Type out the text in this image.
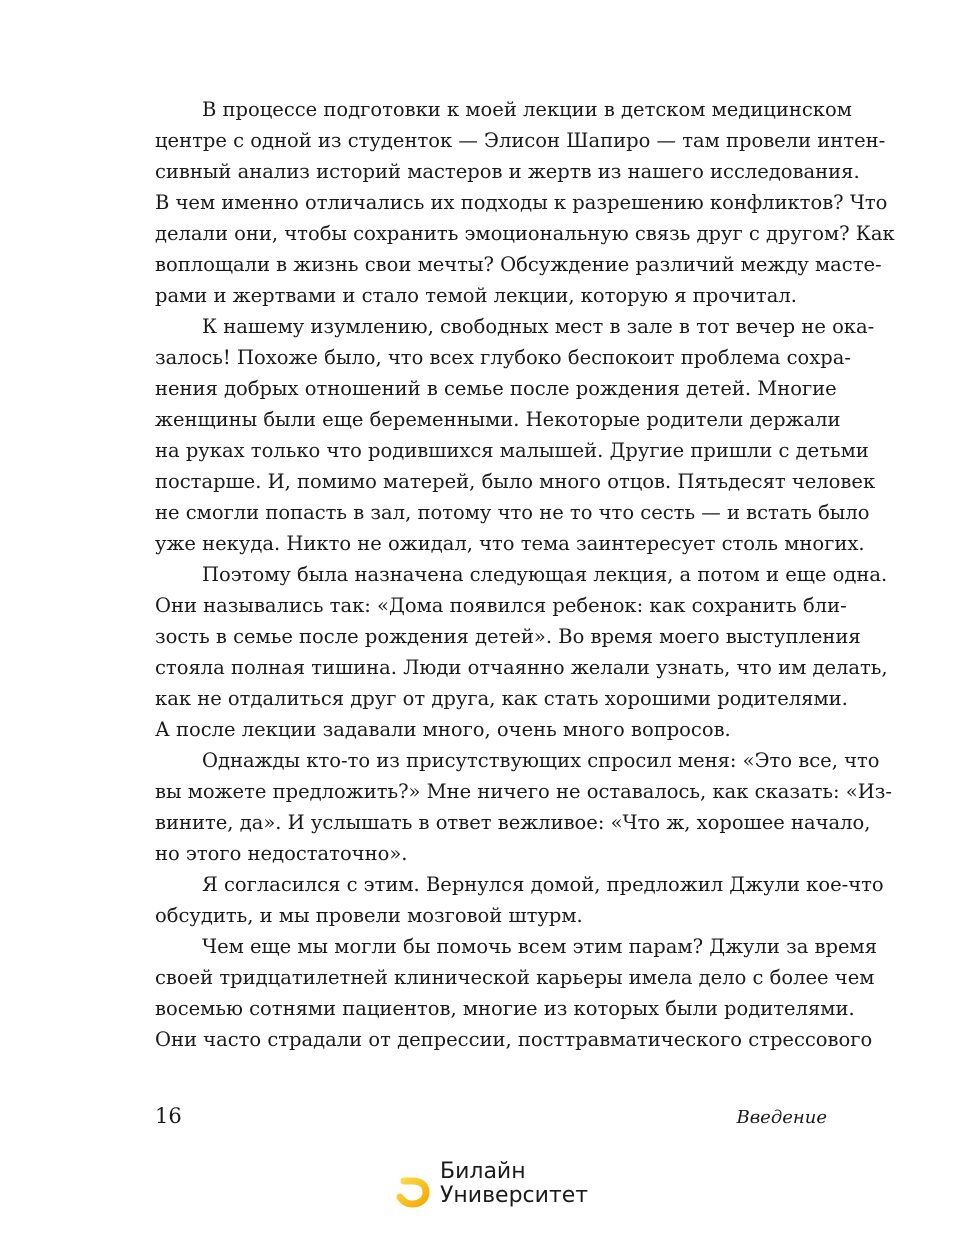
В процессе подготовки к моей лекции в детском медицинском
центре с одной из студенток — Элисон Шапиро — там провели интен-
сивный анализ историй мастеров и жертв из нашего исследования.
В чем именно отличались их подходы к разрешению конфликтов? Что
делали они, чтобы сохранить эмоциональную связь друг с другом? Как
воплощали в жизнь свои мечты? Обсуждение различий между масте-
рами и жертвами и стало темой лекции, которую я прочитал.
К нашему изумлению, свободных мест в зале в тот вечер не ока-
залось! Похоже было, что всех глубоко беспокоит проблема сохра-
нения добрых отношений в семье после рождения детей. Многие
женщины были еще беременными. Некоторые родители держали
на руках только что родившихся малышей. Другие пришли с детьми
постарше. И, помимо матерей, было много отцов. Пятьдесят человек
не смогли попасть в зал, потому что не то что сесть — и встать было
уже некуда. Никто не ожидал, что тема заинтересует столь многих.
Поэтому была назначена следующая лекция, а потом и еще одна.
Они назывались так: «Дома появился ребенок: как сохранить бли-
зость в семье после рождения детей». Во время моего выступления
стояла полная тишина. Люди отчаянно желали узнать, что им делать,
как не отдалиться друг от друга, как стать хорошими родителями.
А после лекции задавали много, очень много вопросов.
Однажды кто-то из присутствующих спросил меня: «Это все, что
вы можете предложить?» Мне ничего не оставалось, как сказать: «Из-
вините, да». И услышать в ответ вежливое: «Что ж, хорошее начало,
но этого недостаточно».
Я согласился с этим. Вернулся домой, предложил Джули кое-что
обсудить, и мы провели мозговой штурм.
Чем еще мы могли бы помочь всем этим парам? Джули за время
своей тридцатилетней клинической карьеры имела дело с более чем
восемью сотнями пациентов, многие из которых были родителями.
Они часто страдали от депрессии, посттравматического стрессового
16	Введение
Билайн
Университет
